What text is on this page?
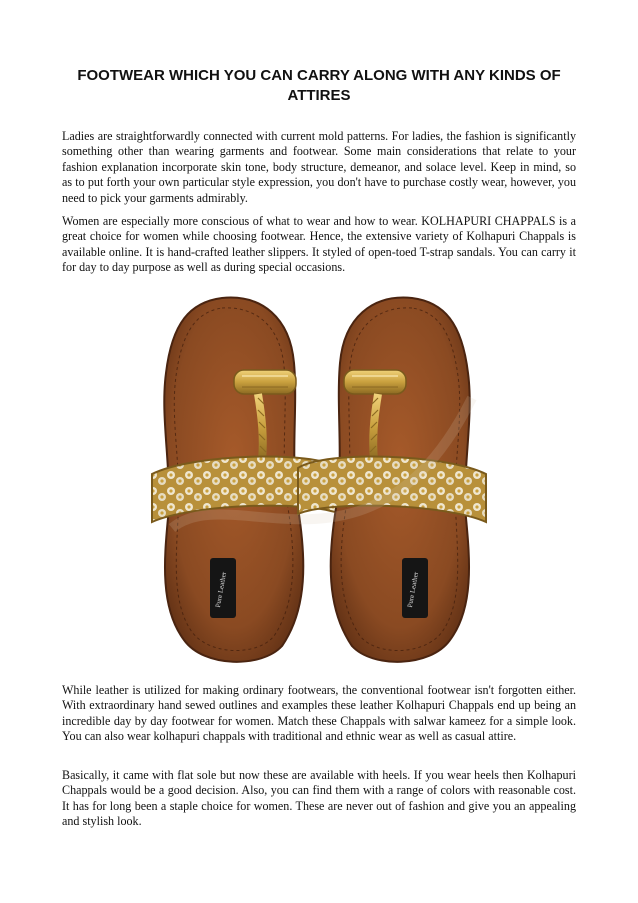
FOOTWEAR WHICH YOU CAN CARRY ALONG WITH ANY KINDS OF ATTIRES

Ladies are straightforwardly connected with current mold patterns. For ladies, the fashion is significantly something other than wearing garments and footwear. Some main considerations that relate to your fashion explanation incorporate skin tone, body structure, demeanor, and solace level. Keep in mind, so as to put forth your own particular style expression, you don't have to purchase costly wear, however, you need to pick your garments admirably.

Women are especially more conscious of what to wear and how to wear. KOLHAPURI CHAPPALS is a great choice for women while choosing footwear. Hence, the extensive variety of Kolhapuri Chappals is available online. It is hand-crafted leather slippers. It styled of open-toed T-strap sandals. You can carry it for day to day purpose as well as during special occasions.

Pure Leather	Pure Leather

While leather is utilized for making ordinary footwears, the conventional footwear isn't forgotten either. With extraordinary hand sewed outlines and examples these leather Kolhapuri Chappals end up being an incredible day by day footwear for women. Match these Chappals with salwar kameez for a simple look. You can also wear kolhapuri chappals with traditional and ethnic wear as well as casual attire.

Basically, it came with flat sole but now these are available with heels. If you wear heels then Kolhapuri Chappals would be a good decision. Also, you can find them with a range of colors with reasonable cost. It has for long been a staple choice for women. These are never out of fashion and give you an appealing and stylish look.
